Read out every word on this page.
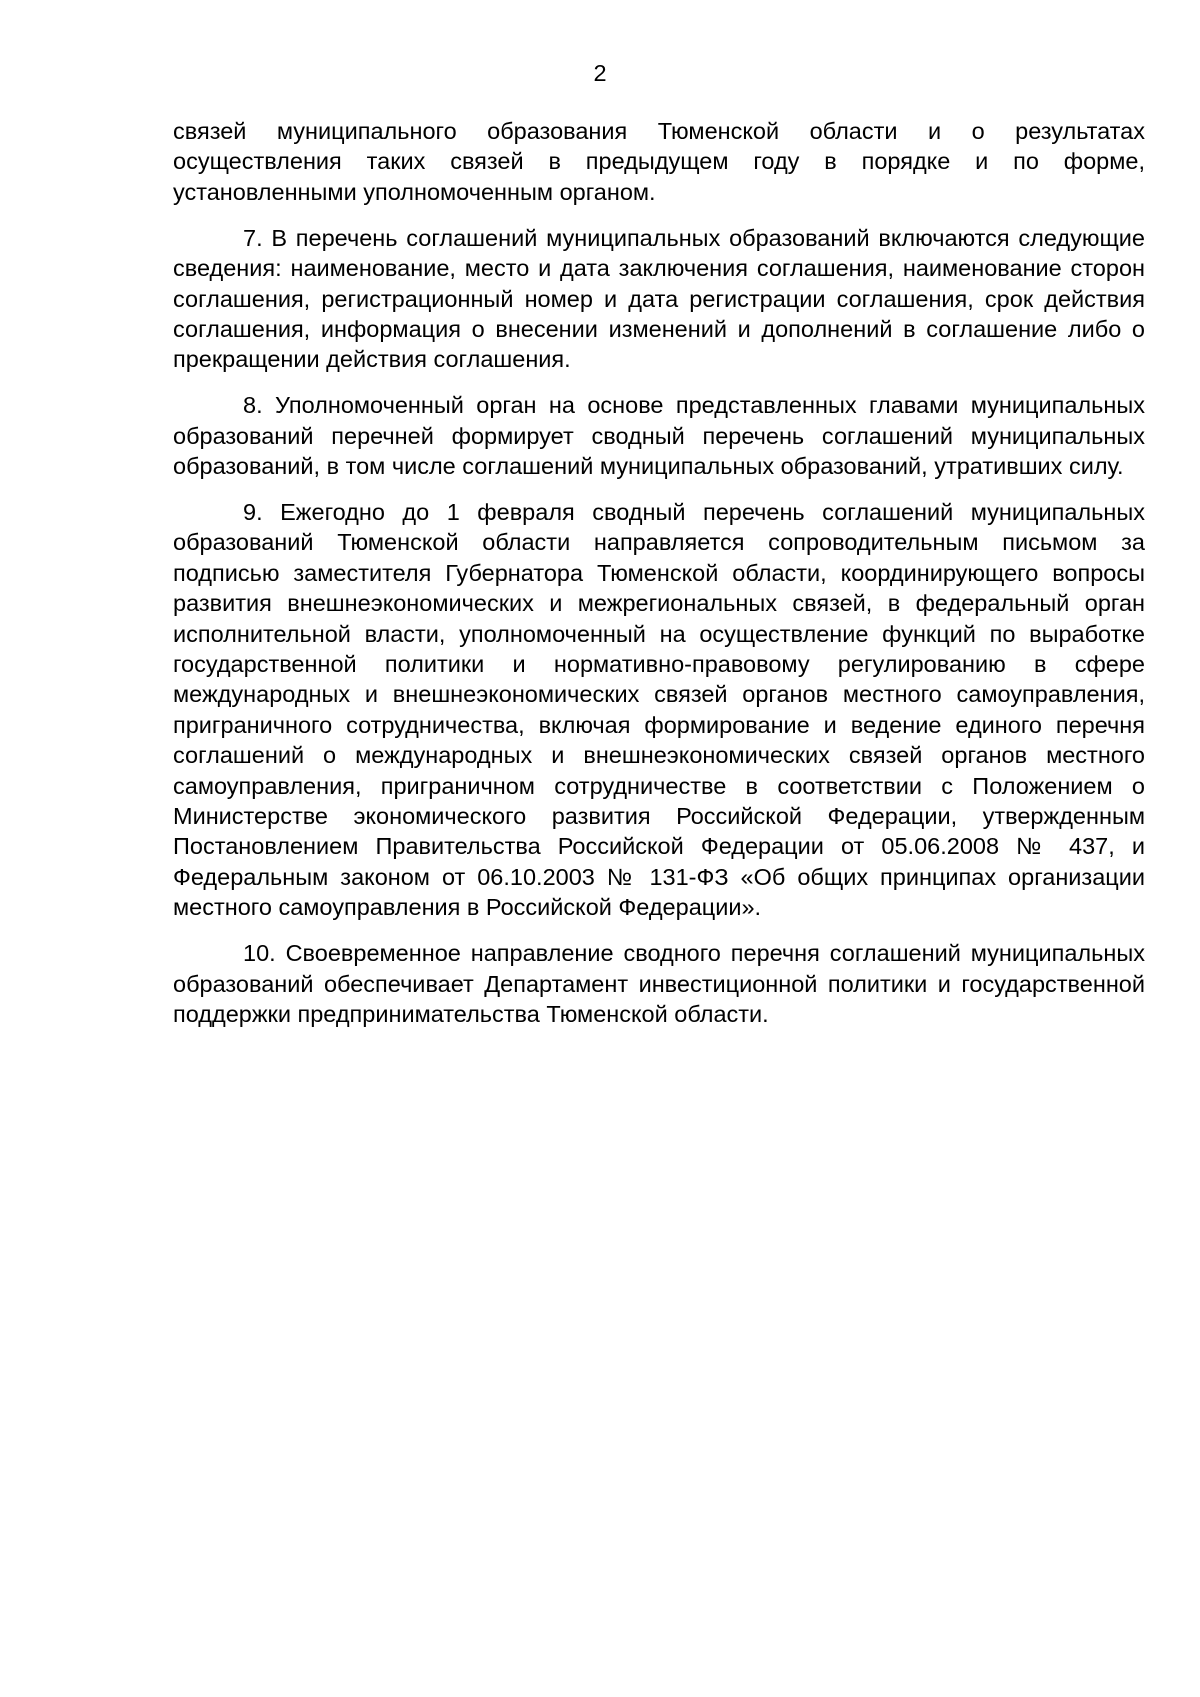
2

связей муниципального образования Тюменской области и о результатах осуществления таких связей в предыдущем году в порядке и по форме, установленными уполномоченным органом.

7. В перечень соглашений муниципальных образований включаются следующие сведения: наименование, место и дата заключения соглашения, наименование сторон соглашения, регистрационный номер и дата регистрации соглашения, срок действия соглашения, информация о внесении изменений и дополнений в соглашение либо о прекращении действия соглашения.

8. Уполномоченный орган на основе представленных главами муниципальных образований перечней формирует сводный перечень соглашений муниципальных образований, в том числе соглашений муниципальных образований, утративших силу.

9. Ежегодно до 1 февраля сводный перечень соглашений муниципальных образований Тюменской области направляется сопроводительным письмом за подписью заместителя Губернатора Тюменской области, координирующего вопросы развития внешнеэкономических и межрегиональных связей, в федеральный орган исполнительной власти, уполномоченный на осуществление функций по выработке государственной политики и нормативно-правовому регулированию в сфере международных и внешнеэкономических связей органов местного самоуправления, приграничного сотрудничества, включая формирование и ведение единого перечня соглашений о международных и внешнеэкономических связей органов местного самоуправления, приграничном сотрудничестве в соответствии с Положением о Министерстве экономического развития Российской Федерации, утвержденным Постановлением Правительства Российской Федерации от 05.06.2008 № 437, и Федеральным законом от 06.10.2003 № 131-ФЗ «Об общих принципах организации местного самоуправления в Российской Федерации».

10. Своевременное направление сводного перечня соглашений муниципальных образований обеспечивает Департамент инвестиционной политики и государственной поддержки предпринимательства Тюменской области.
